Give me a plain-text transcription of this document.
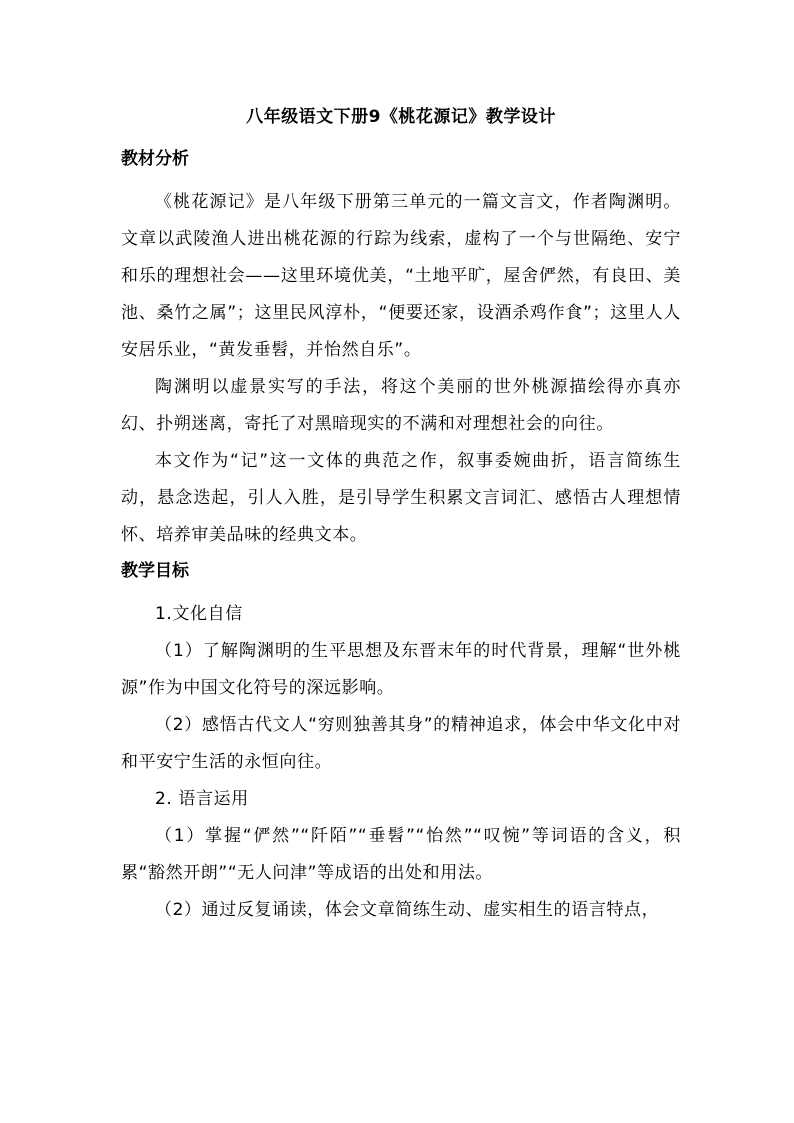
八年级语文下册9《桃花源记》教学设计
教材分析

《桃花源记》是八年级下册第三单元的一篇文言文，作者陶渊明。文章以武陵渔人进出桃花源的行踪为线索，虚构了一个与世隔绝、安宁和乐的理想社会——这里环境优美，“土地平旷，屋舍俨然，有良田、美池、桑竹之属”；这里民风淳朴，“便要还家，设酒杀鸡作食”；这里人人安居乐业，“黄发垂髫，并怡然自乐”。

陶渊明以虚景实写的手法，将这个美丽的世外桃源描绘得亦真亦幻、扑朔迷离，寄托了对黑暗现实的不满和对理想社会的向往。

本文作为“记”这一文体的典范之作，叙事委婉曲折，语言简练生动，悬念迭起，引人入胜，是引导学生积累文言词汇、感悟古人理想情怀、培养审美品味的经典文本。

教学目标
1.文化自信

（1）了解陶渊明的生平思想及东晋末年的时代背景，理解“世外桃源”作为中国文化符号的深远影响。

（2）感悟古代文人“穷则独善其身”的精神追求，体会中华文化中对和平安宁生活的永恒向往。

2. 语言运用

（1）掌握“俨然”“阡陌”“垂髫”“怡然”“叹惋”等词语的含义，积累“豁然开朗”“无人问津”等成语的出处和用法。

（2）通过反复诵读，体会文章简练生动、虚实相生的语言特点，
